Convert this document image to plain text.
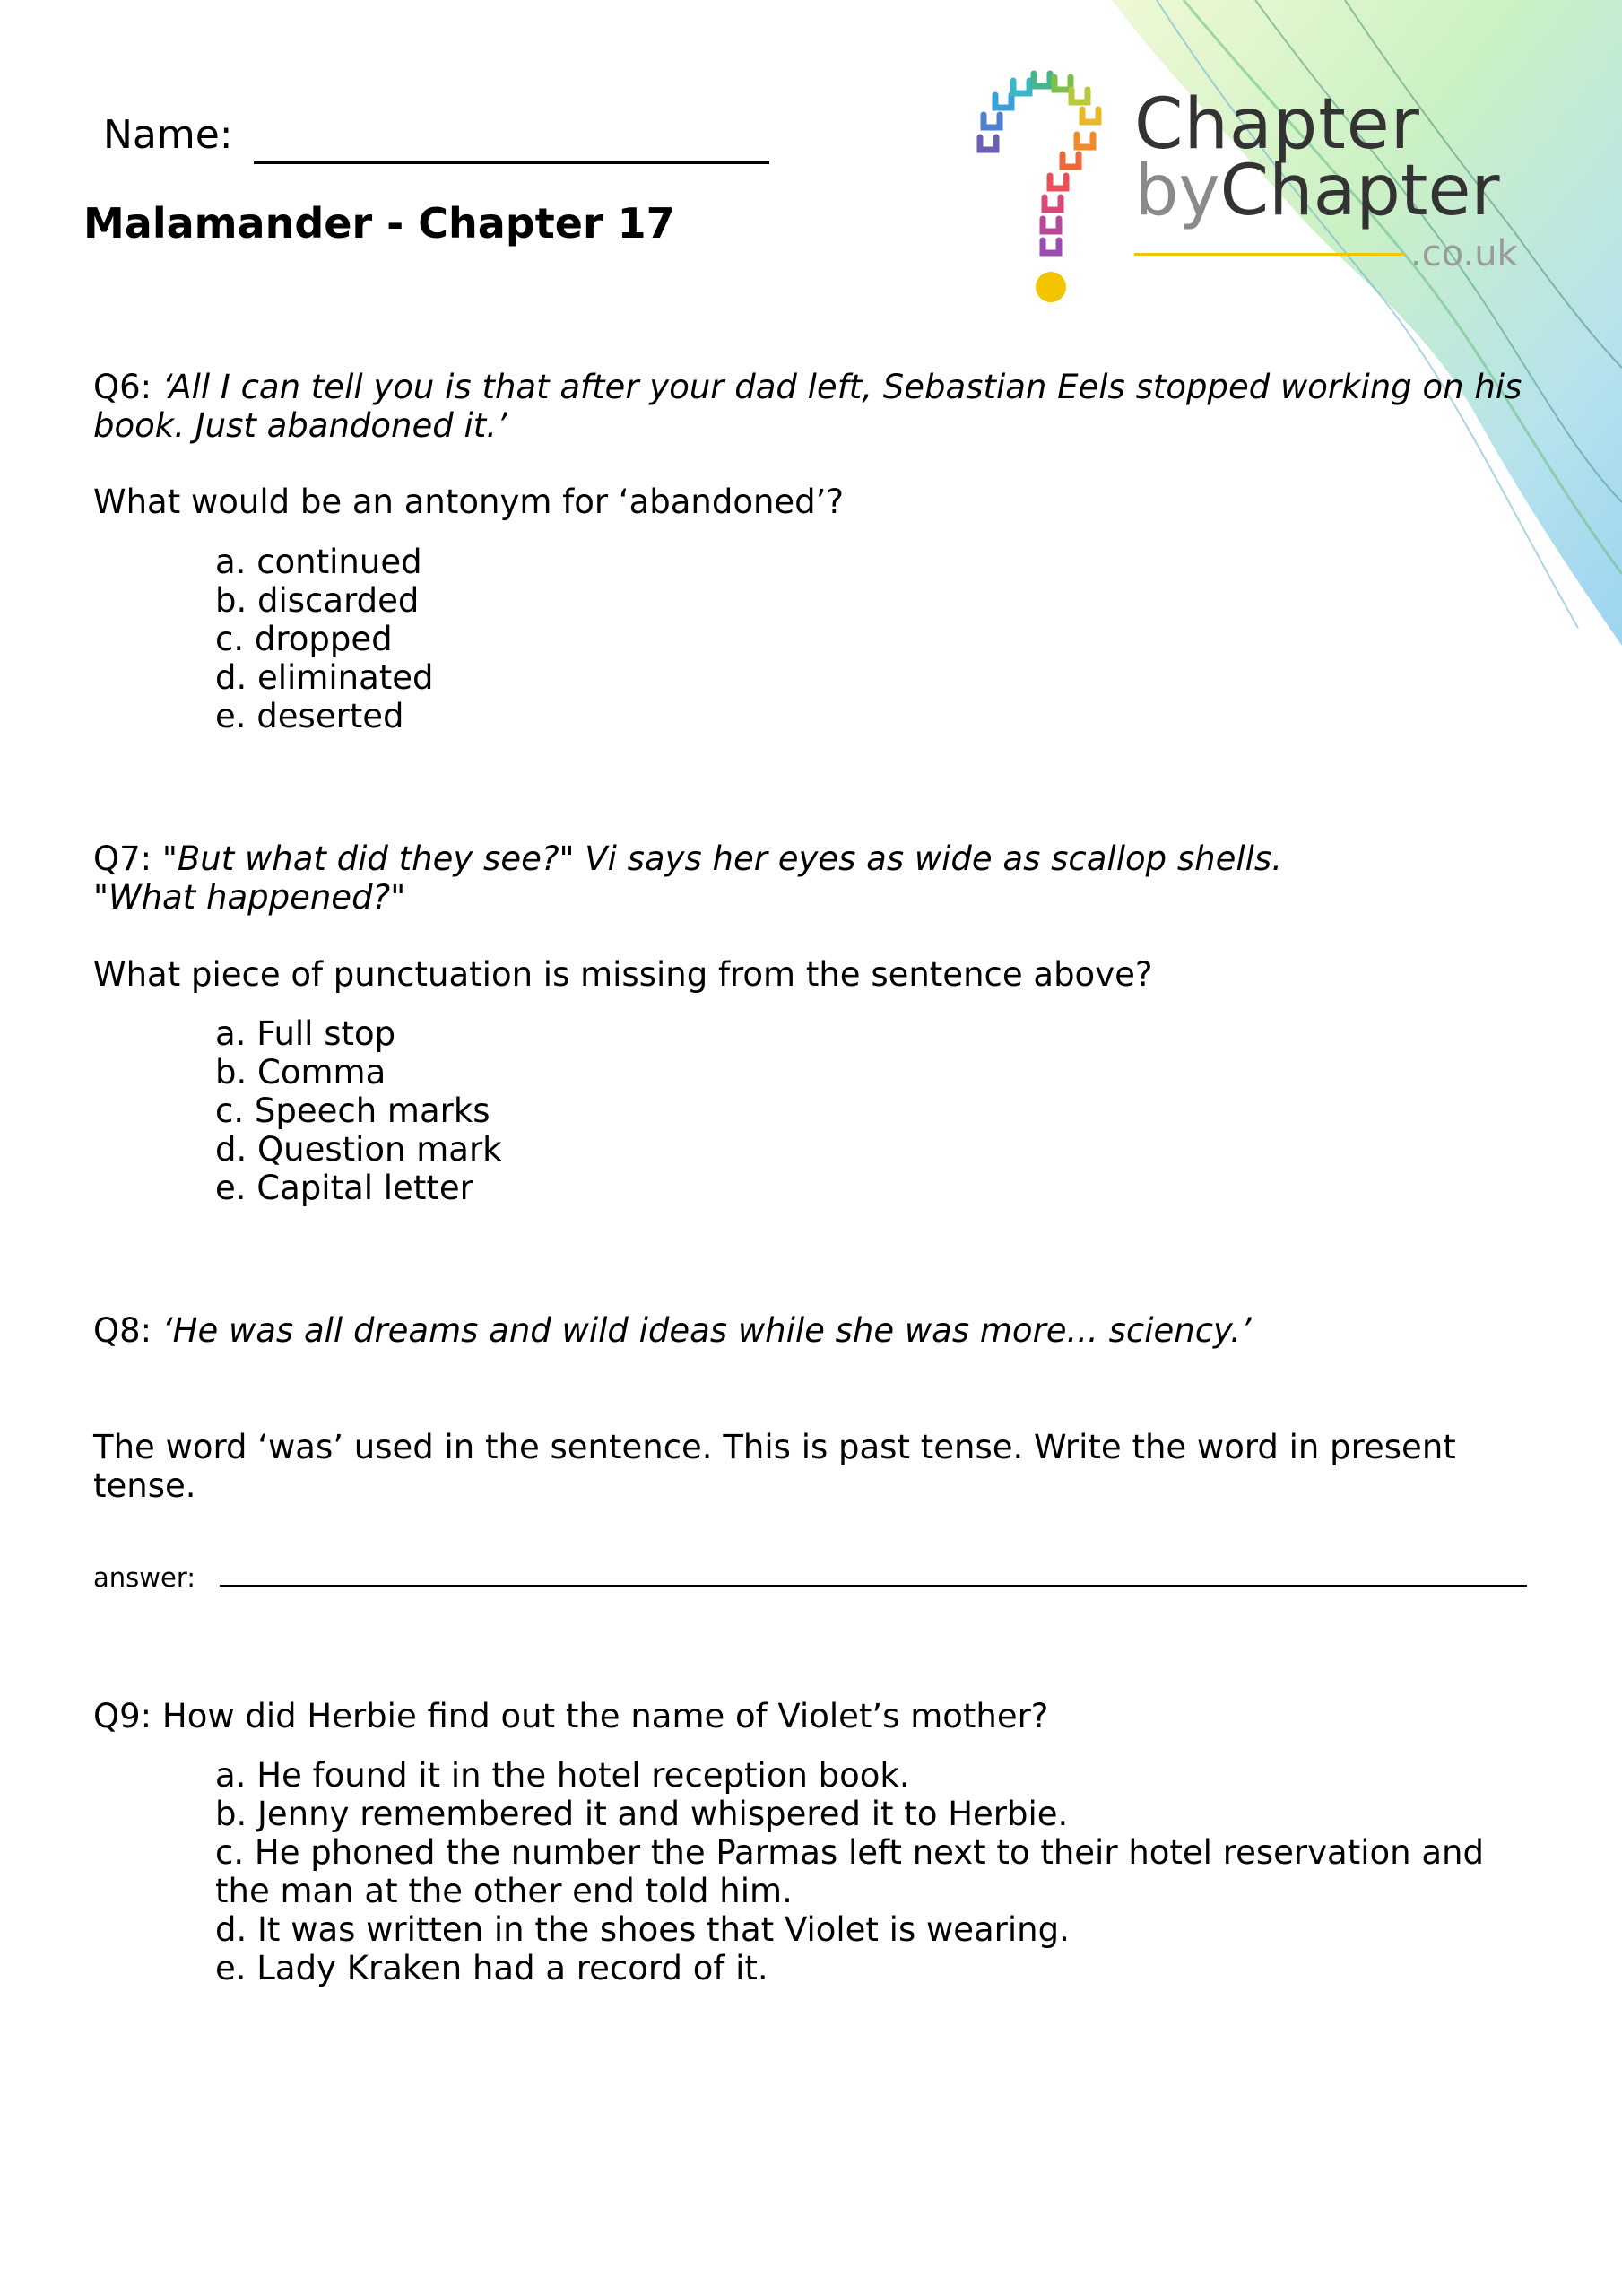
Name:
Malamander - Chapter 17
Chapter
byChapter
.co.uk
Q6: ‘All I can tell you is that after your dad left, Sebastian Eels stopped working on his book. Just abandoned it.’
What would be an antonym for ‘abandoned’?
a. continued
b. discarded
c. dropped
d. eliminated
e. deserted
Q7: "But what did they see?" Vi says her eyes as wide as scallop shells.
"What happened?"
What piece of punctuation is missing from the sentence above?
a. Full stop
b. Comma
c. Speech marks
d. Question mark
e. Capital letter
Q8: ‘He was all dreams and wild ideas while she was more... sciency.’
The word ‘was’ used in the sentence. This is past tense. Write the word in present tense.
answer:
Q9: How did Herbie find out the name of Violet’s mother?
a. He found it in the hotel reception book.
b. Jenny remembered it and whispered it to Herbie.
c. He phoned the number the Parmas left next to their hotel reservation and the man at the other end told him.
d. It was written in the shoes that Violet is wearing.
e. Lady Kraken had a record of it.
